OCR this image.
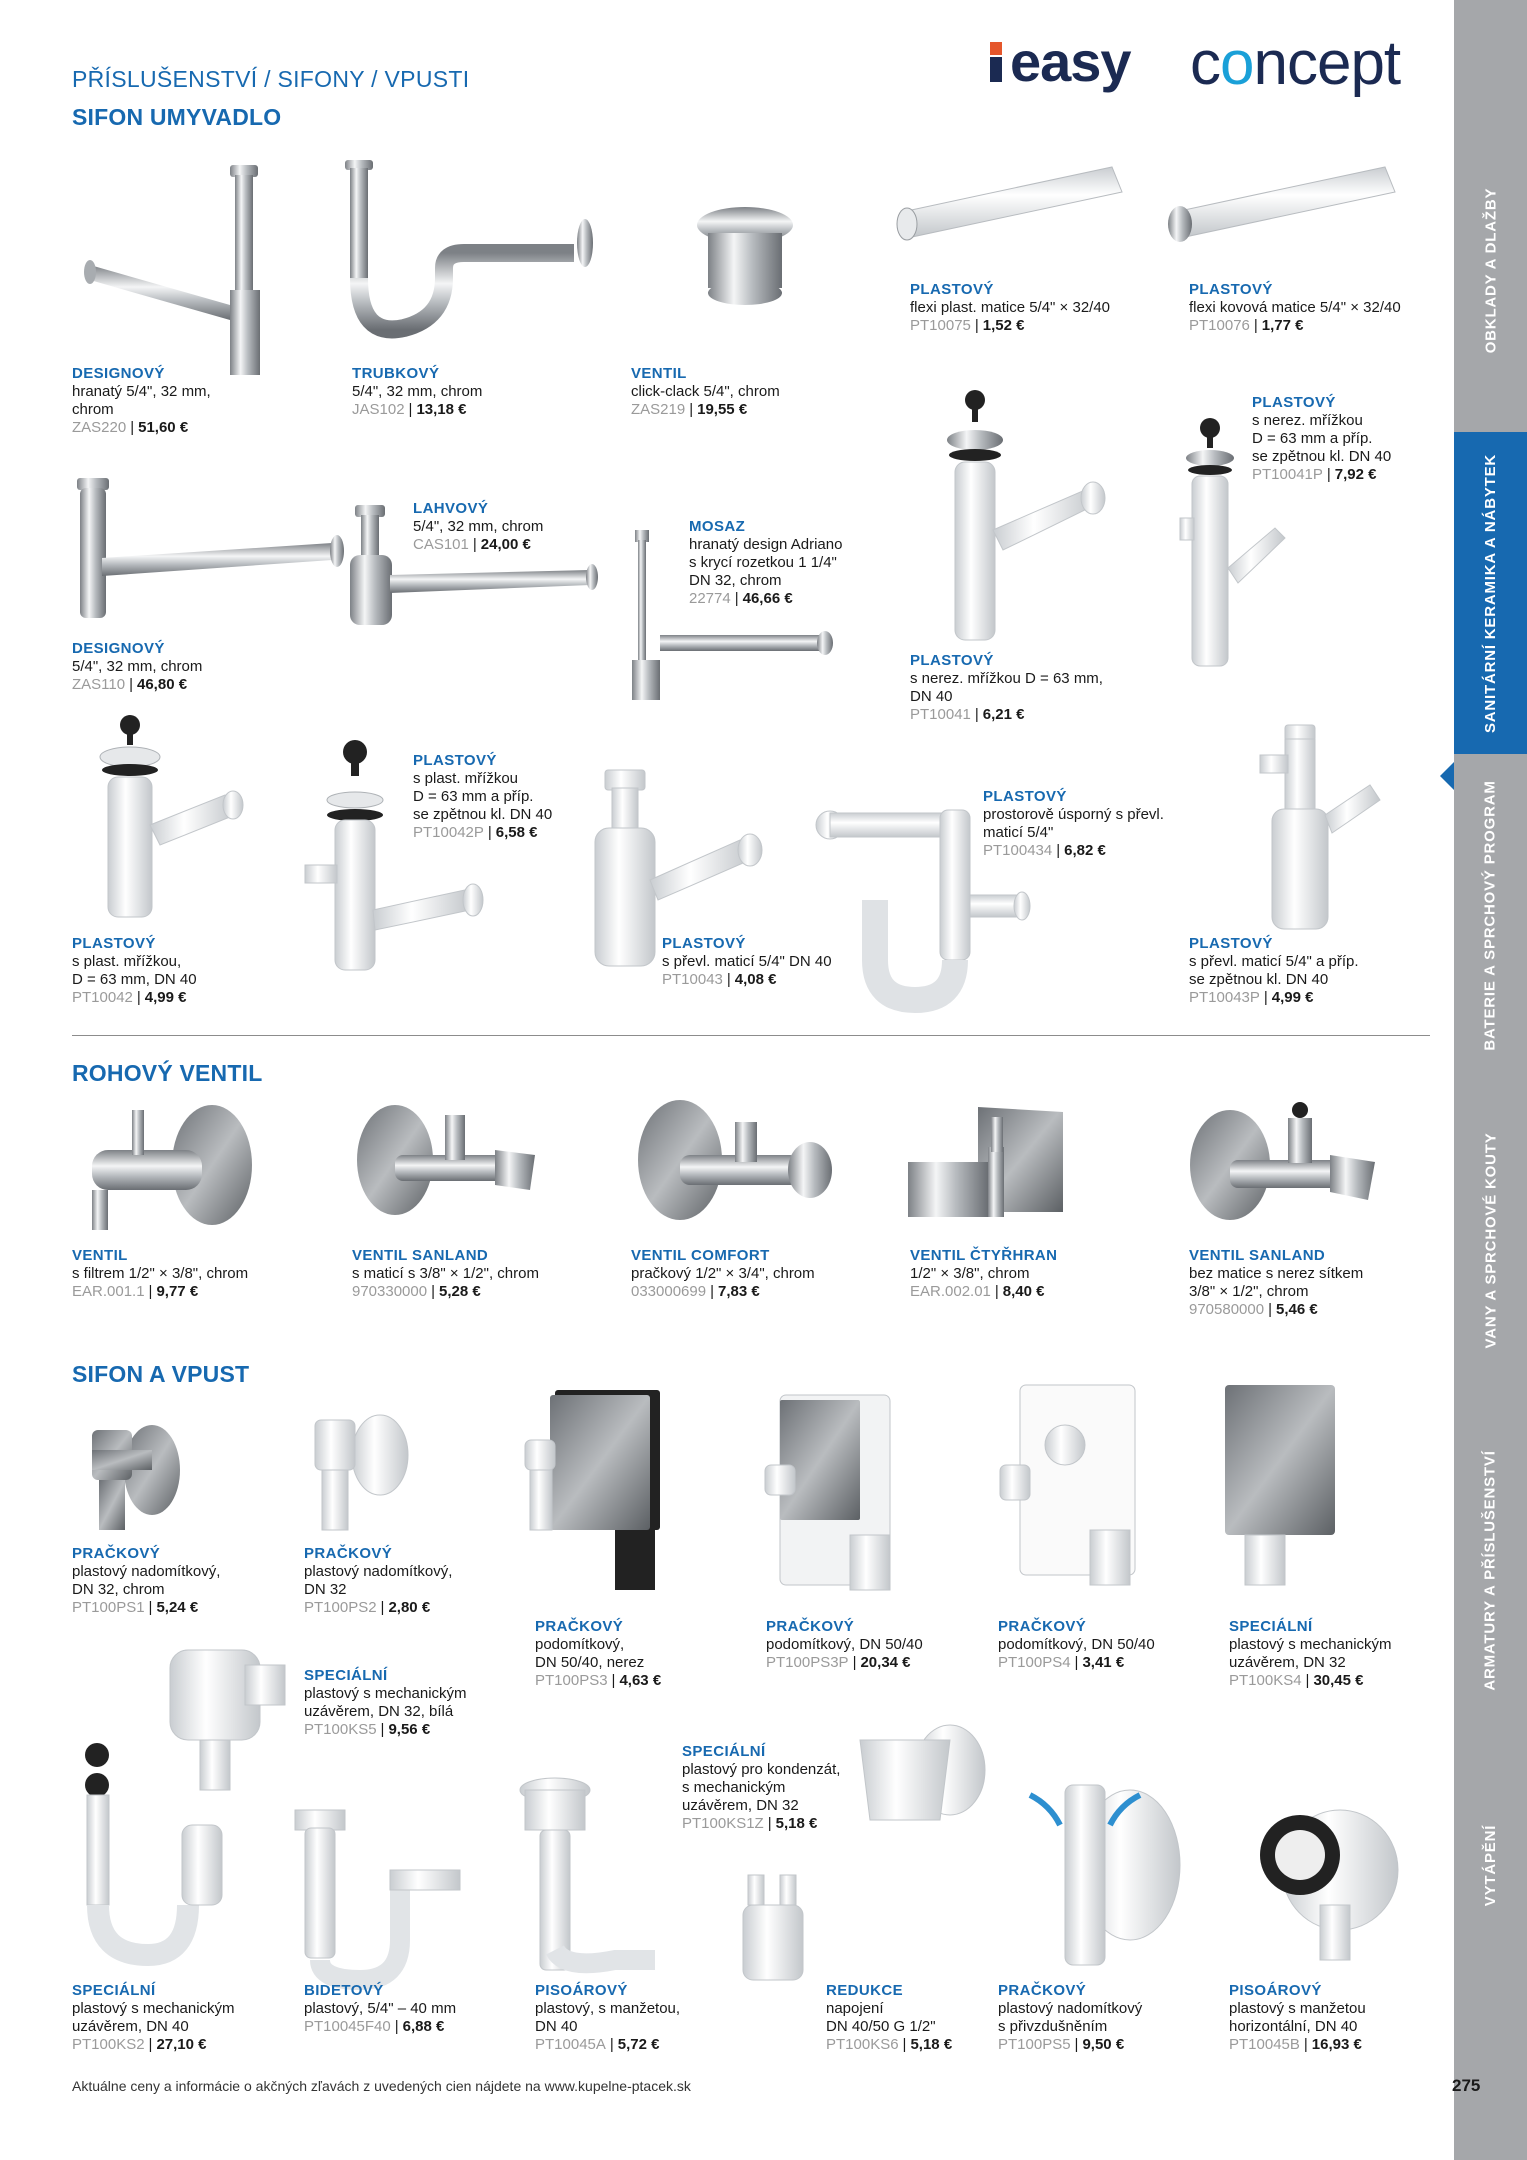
PŘÍSLUŠENSTVÍ / SIFONY / VPUSTI
SIFON UMYVADLO
easy concept
OBKLADY A DLAŽBY
SANITÁRNÍ KERAMIKA A NÁBYTEK
BATERIE A SPRCHOVÝ PROGRAM
VANY A SPRCHOVÉ KOUTY
ARMATURY A PŘÍSLUŠENSTVÍ
VYTÁPĚNÍ
DESIGNOVÝ
hranatý 5/4", 32 mm,
chrom
ZAS220 | 51,60 €
TRUBKOVÝ
5/4", 32 mm, chrom
JAS102 | 13,18 €
VENTIL
click-clack 5/4", chrom
ZAS219 | 19,55 €
PLASTOVÝ
flexi plast. matice 5/4" × 32/40
PT10075 | 1,52 €
PLASTOVÝ
flexi kovová matice 5/4" × 32/40
PT10076 | 1,77 €
PLASTOVÝ
s nerez. mřížkou
D = 63 mm a příp.
se zpětnou kl. DN 40
PT10041P | 7,92 €
LAHVOVÝ
5/4", 32 mm, chrom
CAS101 | 24,00 €
MOSAZ
hranatý design Adriano
s krycí rozetkou 1 1/4"
DN 32, chrom
22774 | 46,66 €
DESIGNOVÝ
5/4", 32 mm, chrom
ZAS110 | 46,80 €
PLASTOVÝ
s nerez. mřížkou D = 63 mm,
DN 40
PT10041 | 6,21 €
PLASTOVÝ
s plast. mřížkou
D = 63 mm a příp.
se zpětnou kl. DN 40
PT10042P | 6,58 €
PLASTOVÝ
prostorově úsporný s převl.
maticí 5/4"
PT100434 | 6,82 €
PLASTOVÝ
s plast. mřížkou,
D = 63 mm, DN 40
PT10042 | 4,99 €
PLASTOVÝ
s převl. maticí 5/4" DN 40
PT10043 | 4,08 €
PLASTOVÝ
s převl. maticí 5/4" a příp.
se zpětnou kl. DN 40
PT10043P | 4,99 €
ROHOVÝ VENTIL
VENTIL
s filtrem 1/2" × 3/8", chrom
EAR.001.1 | 9,77 €
VENTIL SANLAND
s maticí s 3/8" × 1/2", chrom
970330000 | 5,28 €
VENTIL COMFORT
pračkový 1/2" × 3/4", chrom
033000699 | 7,83 €
VENTIL ČTYŘHRAN
1/2" × 3/8", chrom
EAR.002.01 | 8,40 €
VENTIL SANLAND
bez matice s nerez sítkem
3/8" × 1/2", chrom
970580000 | 5,46 €
SIFON A VPUST
PRAČKOVÝ
plastový nadomítkový,
DN 32, chrom
PT100PS1 | 5,24 €
PRAČKOVÝ
plastový nadomítkový,
DN 32
PT100PS2 | 2,80 €
PRAČKOVÝ
podomítkový,
DN 50/40, nerez
PT100PS3 | 4,63 €
PRAČKOVÝ
podomítkový, DN 50/40
PT100PS3P | 20,34 €
PRAČKOVÝ
podomítkový, DN 50/40
PT100PS4 | 3,41 €
SPECIÁLNÍ
plastový s mechanickým
uzávěrem, DN 32
PT100KS4 | 30,45 €
SPECIÁLNÍ
plastový s mechanickým
uzávěrem, DN 32, bílá
PT100KS5 | 9,56 €
SPECIÁLNÍ
plastový pro kondenzát,
s mechanickým
uzávěrem, DN 32
PT100KS1Z | 5,18 €
SPECIÁLNÍ
plastový s mechanickým
uzávěrem, DN 40
PT100KS2 | 27,10 €
BIDETOVÝ
plastový, 5/4" – 40 mm
PT10045F40 | 6,88 €
PISOÁROVÝ
plastový, s manžetou,
DN 40
PT10045A | 5,72 €
REDUKCE
napojení
DN 40/50 G 1/2"
PT100KS6 | 5,18 €
PRAČKOVÝ
plastový nadomítkový
s přivzdušněním
PT100PS5 | 9,50 €
PISOÁROVÝ
plastový s manžetou
horizontální, DN 40
PT10045B | 16,93 €
Aktuálne ceny a informácie o akčných zľavách z uvedených cien nájdete na www.kupelne-ptacek.sk	275
